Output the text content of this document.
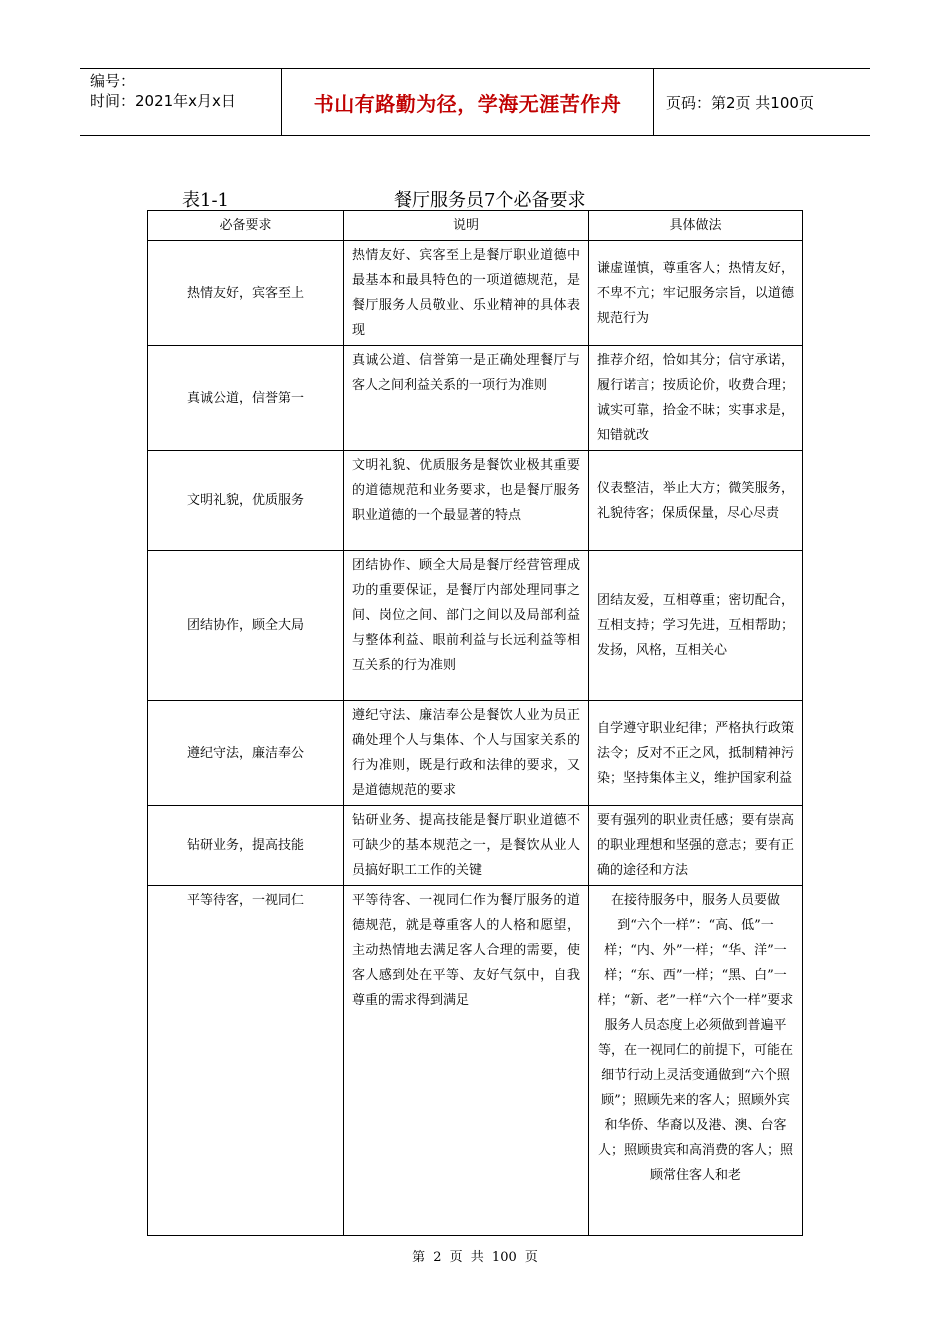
编号：
时间：2021年x月x日	书山有路勤为径，学海无涯苦作舟	页码：第2页 共100页
表1-1	餐厅服务员7个必备要求
必备要求	说明	具体做法
热情友好，宾客至上	热情友好、宾客至上是餐厅职业道德中最基本和最具特色的一项道德规范，是餐厅服务人员敬业、乐业精神的具体表现	谦虚谨慎，尊重客人；热情友好，不卑不亢；牢记服务宗旨，以道德规范行为
真诚公道，信誉第一	真诚公道、信誉第一是正确处理餐厅与客人之间利益关系的一项行为准则	推荐介绍，恰如其分；信守承诺，履行诺言；按质论价，收费合理；诚实可靠，拾金不昧；实事求是，知错就改
文明礼貌，优质服务	文明礼貌、优质服务是餐饮业极其重要的道德规范和业务要求，也是餐厅服务职业道德的一个最显著的特点	仪表整洁，举止大方；微笑服务，礼貌待客；保质保量，尽心尽责
团结协作，顾全大局	团结协作、顾全大局是餐厅经营管理成功的重要保证，是餐厅内部处理同事之间、岗位之间、部门之间以及局部利益与整体利益、眼前利益与长远利益等相互关系的行为准则	团结友爱，互相尊重；密切配合，互相支持；学习先进，互相帮助；发扬，风格，互相关心
遵纪守法，廉洁奉公	遵纪守法、廉洁奉公是餐饮人业为员正确处理个人与集体、个人与国家关系的行为准则，既是行政和法律的要求，又是道德规范的要求	自学遵守职业纪律；严格执行政策法令；反对不正之风，抵制精神污染；坚持集体主义，维护国家利益
钻研业务，提高技能	钻研业务、提高技能是餐厅职业道德不可缺少的基本规范之一，是餐饮从业人员搞好职工工作的关键	要有强列的职业责任感；要有崇高的职业理想和坚强的意志；要有正确的途径和方法
平等待客，一视同仁	平等待客、一视同仁作为餐厅服务的道德规范，就是尊重客人的人格和愿望，主动热情地去满足客人合理的需要，使客人感到处在平等、友好气氛中，自我尊重的需求得到满足	在接待服务中，服务人员要做到“六个一样”：“高、低”一样；“内、外”一样；“华、洋”一样；“东、西”一样；“黑、白”一样；“新、老”一样“六个一样”要求服务人员态度上必须做到普遍平等，在一视同仁的前提下，可能在细节行动上灵活变通做到“六个照顾”；照顾先来的客人；照顾外宾和华侨、华裔以及港、澳、台客人；照顾贵宾和高消费的客人；照顾常住客人和老
第 2 页 共 100 页
